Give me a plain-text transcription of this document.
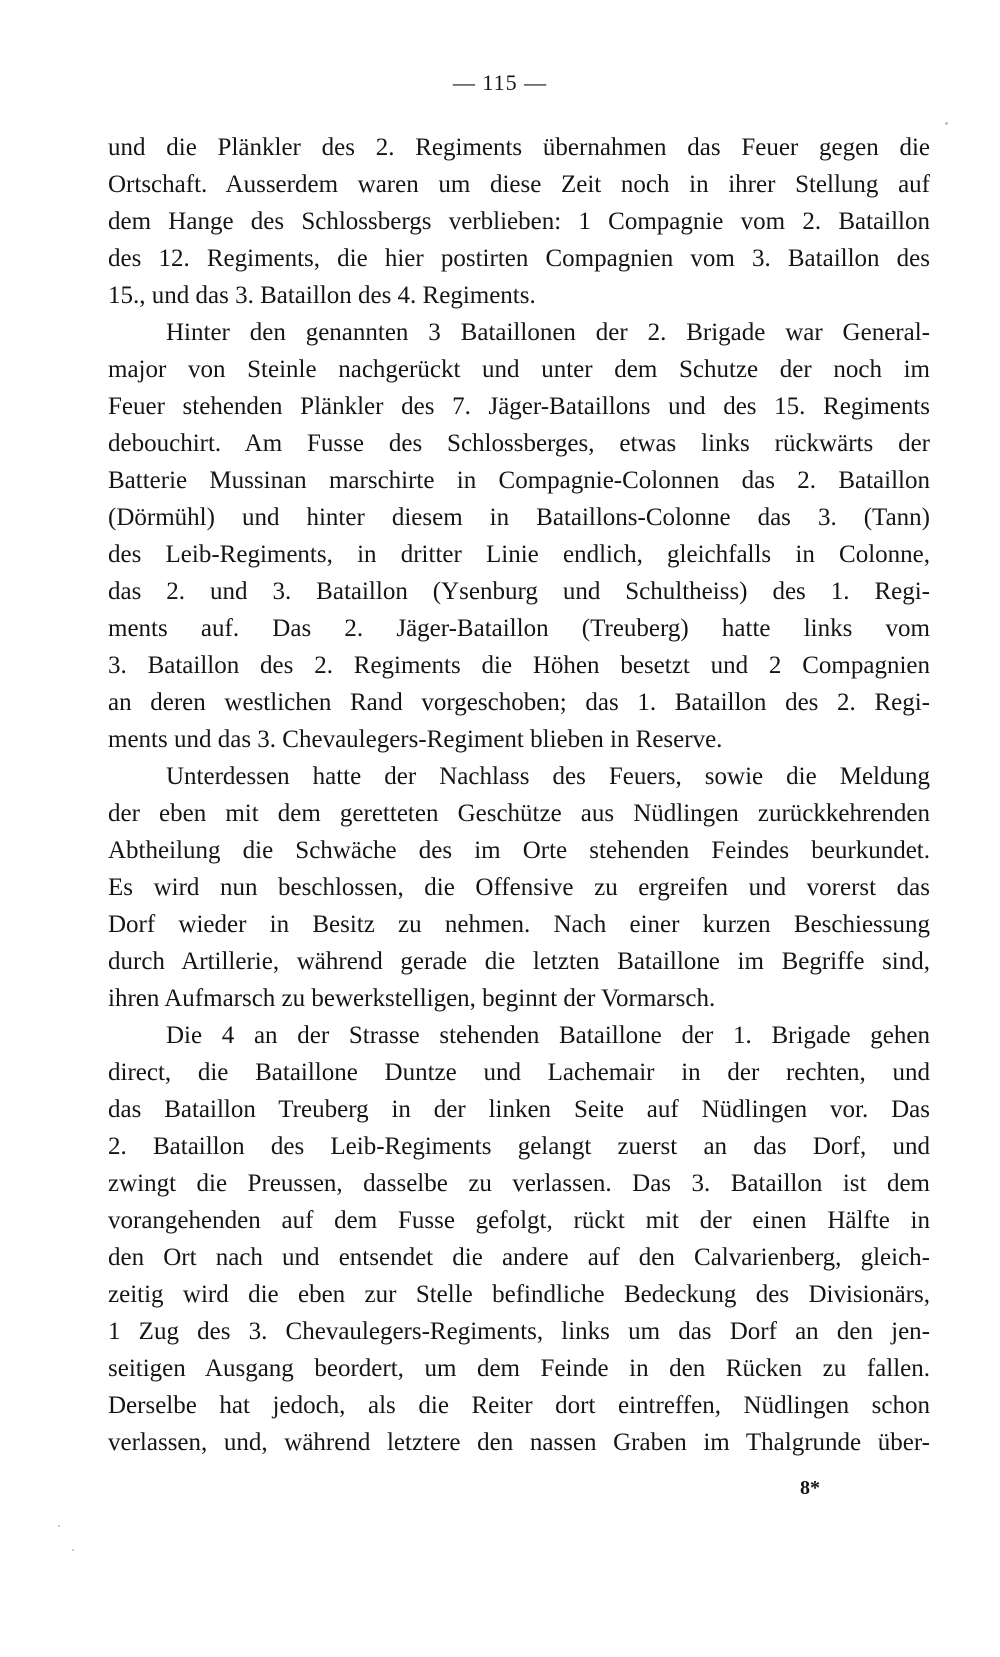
— 115 —
und die Plänkler des 2. Regiments übernahmen das Feuer gegen die
Ortschaft. Ausserdem waren um diese Zeit noch in ihrer Stellung auf
dem Hange des Schlossbergs verblieben: 1 Compagnie vom 2. Bataillon
des 12. Regiments, die hier postirten Compagnien vom 3. Bataillon des
15., und das 3. Bataillon des 4. Regiments.
Hinter den genannten 3 Bataillonen der 2. Brigade war General-
major von Steinle nachgerückt und unter dem Schutze der noch im
Feuer stehenden Plänkler des 7. Jäger-Bataillons und des 15. Regiments
debouchirt. Am Fusse des Schlossberges, etwas links rückwärts der
Batterie Mussinan marschirte in Compagnie-Colonnen das 2. Bataillon
(Dörmühl) und hinter diesem in Bataillons-Colonne das 3. (Tann)
des Leib-Regiments, in dritter Linie endlich, gleichfalls in Colonne,
das 2. und 3. Bataillon (Ysenburg und Schultheiss) des 1. Regi-
ments auf. Das 2. Jäger-Bataillon (Treuberg) hatte links vom
3. Bataillon des 2. Regiments die Höhen besetzt und 2 Compagnien
an deren westlichen Rand vorgeschoben; das 1. Bataillon des 2. Regi-
ments und das 3. Chevaulegers-Regiment blieben in Reserve.
Unterdessen hatte der Nachlass des Feuers, sowie die Meldung
der eben mit dem geretteten Geschütze aus Nüdlingen zurückkehrenden
Abtheilung die Schwäche des im Orte stehenden Feindes beurkundet.
Es wird nun beschlossen, die Offensive zu ergreifen und vorerst das
Dorf wieder in Besitz zu nehmen. Nach einer kurzen Beschiessung
durch Artillerie, während gerade die letzten Bataillone im Begriffe sind,
ihren Aufmarsch zu bewerkstelligen, beginnt der Vormarsch.
Die 4 an der Strasse stehenden Bataillone der 1. Brigade gehen
direct, die Bataillone Duntze und Lachemair in der rechten, und
das Bataillon Treuberg in der linken Seite auf Nüdlingen vor. Das
2. Bataillon des Leib-Regiments gelangt zuerst an das Dorf, und
zwingt die Preussen, dasselbe zu verlassen. Das 3. Bataillon ist dem
vorangehenden auf dem Fusse gefolgt, rückt mit der einen Hälfte in
den Ort nach und entsendet die andere auf den Calvarienberg, gleich-
zeitig wird die eben zur Stelle befindliche Bedeckung des Divisionärs,
1 Zug des 3. Chevaulegers-Regiments, links um das Dorf an den jen-
seitigen Ausgang beordert, um dem Feinde in den Rücken zu fallen.
Derselbe hat jedoch, als die Reiter dort eintreffen, Nüdlingen schon
verlassen, und, während letztere den nassen Graben im Thalgrunde über-
8*
